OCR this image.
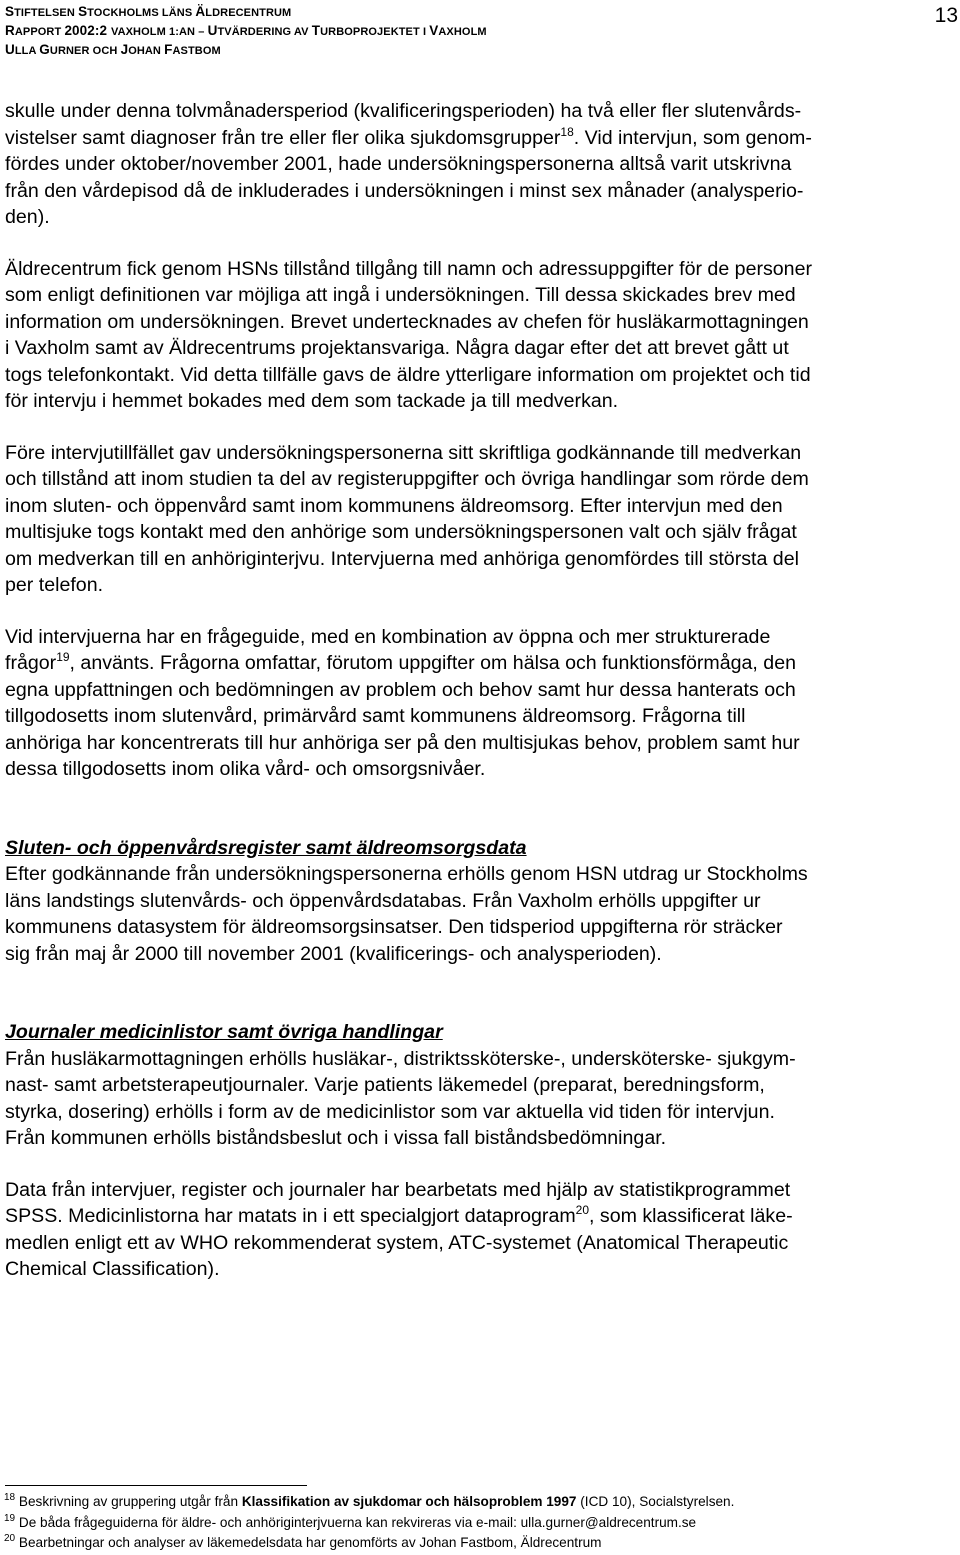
STIFTELSEN STOCKHOLMS LÄNS ÄLDRECENTRUM
RAPPORT 2002:2 VAXHOLM 1:AN – UTVÄRDERING AV TURBOPROJEKTET I VAXHOLM
ULLA GURNER OCH JOHAN FASTBOM
13

skulle under denna tolvmånadersperiod (kvalificeringsperioden) ha två eller fler slutenvårds-
vistelser samt diagnoser från tre eller fler olika sjukdomsgrupper$^{18}$. Vid intervjun, som genom-
fördes under oktober/november 2001, hade undersökningspersonerna alltså varit utskrivna
från den vårdepisod då de inkluderades i undersökningen i minst sex månader (analysperio-
den).

Äldrecentrum fick genom HSNs tillstånd tillgång till namn och adressuppgifter för de personer
som enligt definitionen var möjliga att ingå i undersökningen. Till dessa skickades brev med
information om undersökningen. Brevet undertecknades av chefen för husläkarmottagningen
i Vaxholm samt av Äldrecentrums projektansvariga. Några dagar efter det att brevet gått ut
togs telefonkontakt. Vid detta tillfälle gavs de äldre ytterligare information om projektet och tid
för intervju i hemmet bokades med dem som tackade ja till medverkan.

Före intervjutillfället gav undersökningspersonerna sitt skriftliga godkännande till medverkan
och tillstånd att inom studien ta del av registeruppgifter och övriga handlingar som rörde dem
inom sluten- och öppenvård samt inom kommunens äldreomsorg. Efter intervjun med den
multisjuke togs kontakt med den anhörige som undersökningspersonen valt och själv frågat
om medverkan till en anhöriginterjvu. Intervjuerna med anhöriga genomfördes till största del
per telefon.

Vid intervjuerna har en frågeguide, med en kombination av öppna och mer strukturerade
frågor$^{19}$, använts. Frågorna omfattar, förutom uppgifter om hälsa och funktionsförmåga, den
egna uppfattningen och bedömningen av problem och behov samt hur dessa hanterats och
tillgodosetts inom slutenvård, primärvård samt kommunens äldreomsorg. Frågorna till
anhöriga har koncentrerats till hur anhöriga ser på den multisjukas behov, problem samt hur
dessa tillgodosetts inom olika vård- och omsorgsnivåer.

Sluten- och öppenvårdsregister samt äldreomsorgsdata

Efter godkännande från undersökningspersonerna erhölls genom HSN utdrag ur Stockholms
läns landstings slutenvårds- och öppenvårdsdatabas. Från Vaxholm erhölls uppgifter ur
kommunens datasystem för äldreomsorgsinsatser. Den tidsperiod uppgifterna rör sträcker
sig från maj år 2000 till november 2001 (kvalificerings- och analysperioden).

Journaler medicinlistor samt övriga handlingar

Från husläkarmottagningen erhölls husläkar-, distriktssköterske-, undersköterske- sjukgym-
nast- samt arbetsterapeutjournaler. Varje patients läkemedel (preparat, beredningsform,
styrka, dosering) erhölls i form av de medicinlistor som var aktuella vid tiden för intervjun.
Från kommunen erhölls biståndsbeslut och i vissa fall biståndsbedömningar.

Data från intervjuer, register och journaler har bearbetats med hjälp av statistikprogrammet
SPSS. Medicinlistorna har matats in i ett specialgjort dataprogram$^{20}$, som klassificerat läke-
medlen enligt ett av WHO rekommenderat system, ATC-systemet (Anatomical Therapeutic
Chemical Classification).

$^{18}$ Beskrivning av gruppering utgår från Klassifikation av sjukdomar och hälsoproblem 1997 (ICD 10), Socialstyrelsen.
$^{19}$ De båda frågeguiderna för äldre- och anhöriginterjvuerna kan rekvireras via e-mail: ulla.gurner@aldrecentrum.se
$^{20}$ Bearbetningar och analyser av läkemedelsdata har genomförts av Johan Fastbom, Äldrecentrum
